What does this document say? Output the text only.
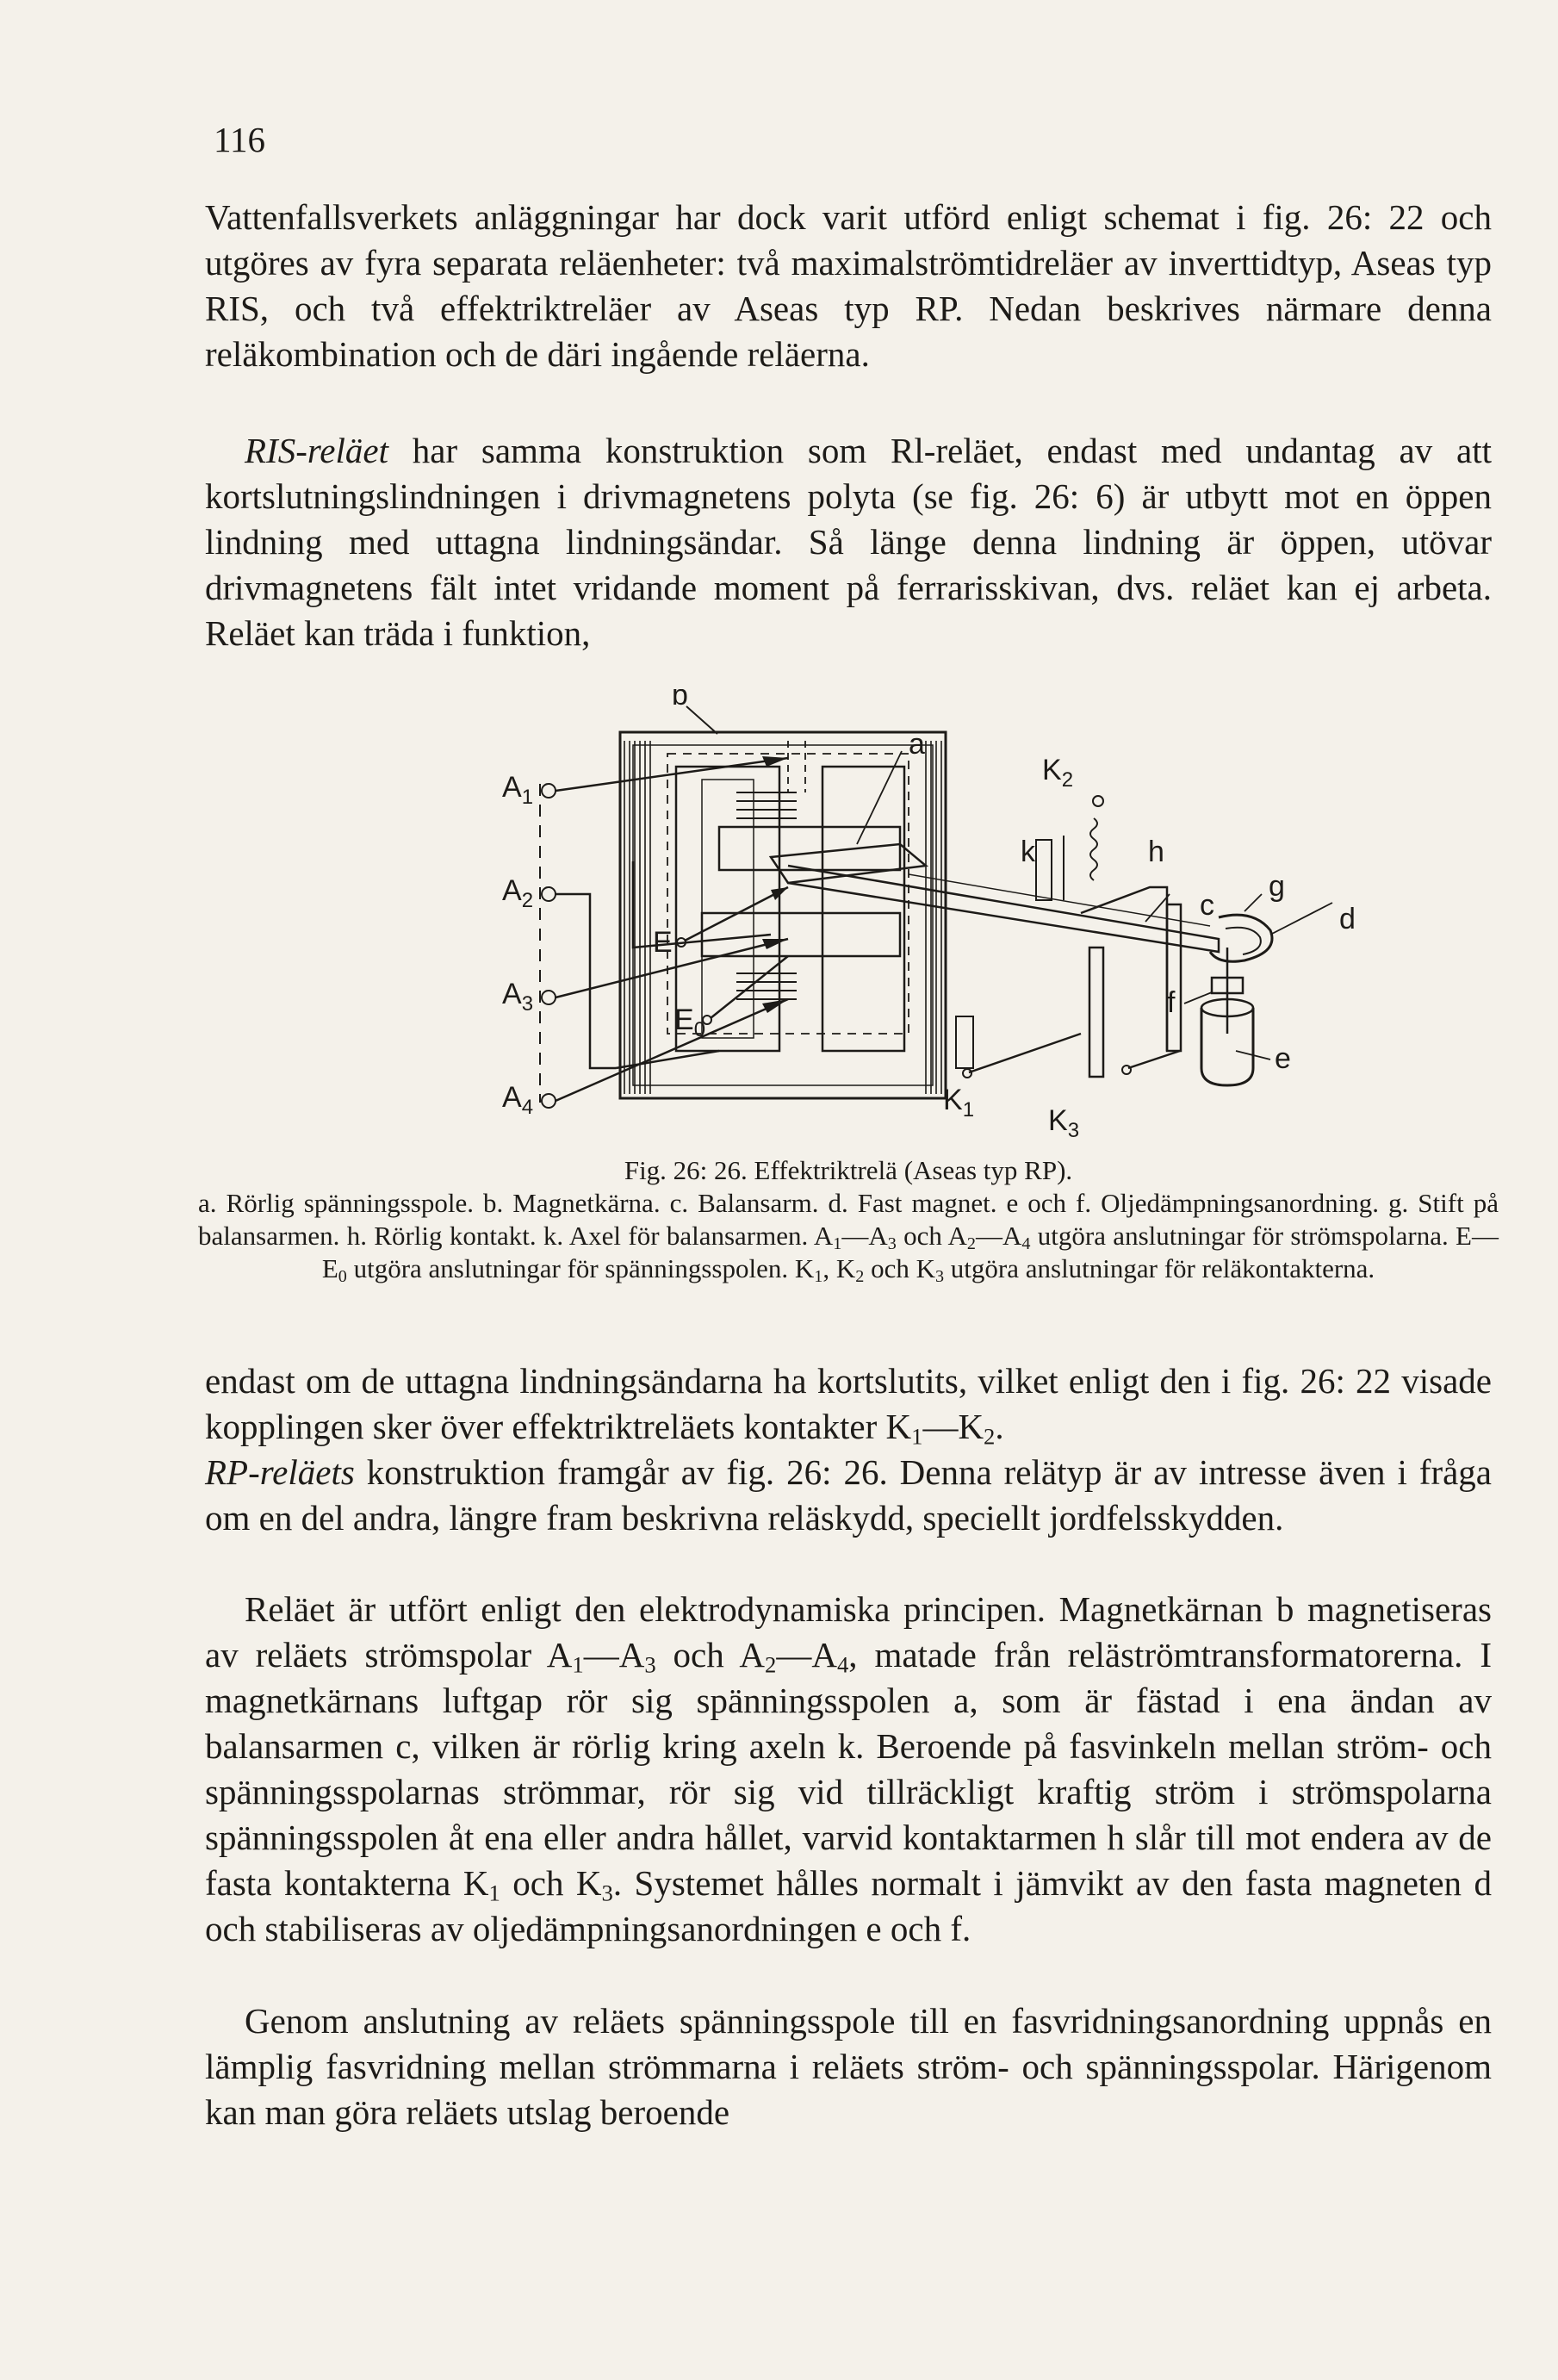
116

Vattenfallsverkets anläggningar har dock varit utförd enligt schemat i fig. 26: 22 och utgöres av fyra separata reläenheter: två maximalströmtidreläer av inverttidtyp, Aseas typ RIS, och två effektriktreläer av Aseas typ RP. Nedan beskrives närmare denna reläkombination och de däri ingående reläerna.

RIS-reläet har samma konstruktion som Rl-reläet, endast med undantag av att kortslutningslindningen i drivmagnetens polyta (se fig. 26: 6) är utbytt mot en öppen lindning med uttagna lindningsändar. Så länge denna lindning är öppen, utövar drivmagnetens fält intet vridande moment på ferrarisskivan, dvs. reläet kan ej arbeta. Reläet kan träda i funktion,

b
a
$K_2$
h
k
$A_1$
$A_2$
$A_3$
$A_4$
E
$E_0$
c
g
d
f
e
$K_1$	$K_3$
Fig. 26: 26. Effektriktrelä (Aseas typ RP).
a. Rörlig spänningsspole. b. Magnetkärna. c. Balansarm. d. Fast magnet. e och f. Oljedämpningsanordning. g. Stift på balansarmen. h. Rörlig kontakt. k. Axel för balansarmen. $A_1—A_3$ och $A_2—A_4$ utgöra anslutningar för strömspolarna. $E—E_0$ utgöra anslutningar för spänningsspolen. $K_1$, $K_2$ och $K_3$ utgöra anslutningar för reläkontakterna.

endast om de uttagna lindningsändarna ha kortslutits, vilket enligt den i fig. 26: 22 visade kopplingen sker över effektriktreläets kontakter $K_1—K_2$.
RP-reläets konstruktion framgår av fig. 26: 26. Denna relätyp är av intresse även i fråga om en del andra, längre fram beskrivna reläskydd, speciellt jordfelsskydden.

Reläet är utfört enligt den elektrodynamiska principen. Magnetkärnan b magnetiseras av reläets strömspolar $A_1—A_3$ och $A_2—A_4$, matade från reläströmtransformatorerna. I magnetkärnans luftgap rör sig spänningsspolen a, som är fästad i ena ändan av balansarmen c, vilken är rörlig kring axeln k. Beroende på fasvinkeln mellan ström- och spänningsspolarnas strömmar, rör sig vid tillräckligt kraftig ström i strömspolarna spänningsspolen åt ena eller andra hållet, varvid kontaktarmen h slår till mot endera av de fasta kontakterna $K_1$ och $K_3$. Systemet hålles normalt i jämvikt av den fasta magneten d och stabiliseras av oljedämpningsanordningen e och f.

Genom anslutning av reläets spänningsspole till en fasvridningsanordning uppnås en lämplig fasvridning mellan strömmarna i reläets ström- och spänningsspolar. Härigenom kan man göra reläets utslag beroende
